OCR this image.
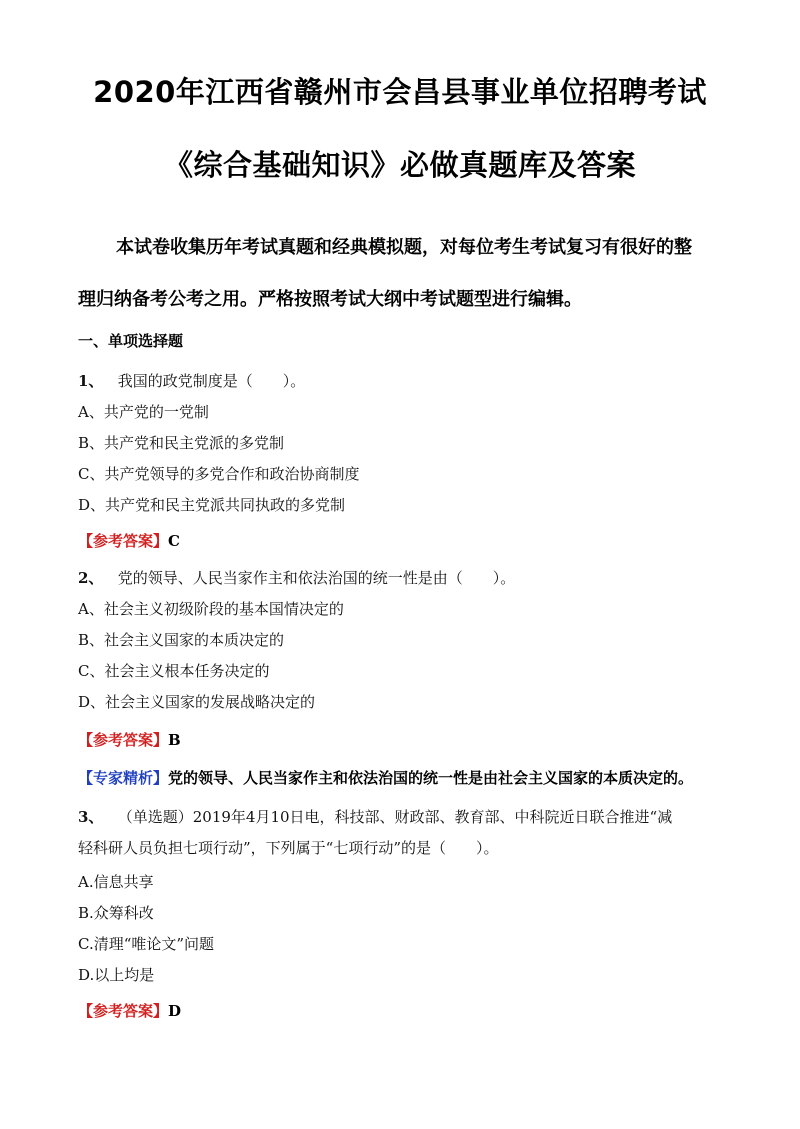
2020年江西省赣州市会昌县事业单位招聘考试
《综合基础知识》必做真题库及答案
本试卷收集历年考试真题和经典模拟题，对每位考生考试复习有很好的整
理归纳备考公考之用。严格按照考试大纲中考试题型进行编辑。
一、单项选择题
1、 我国的政党制度是（　　）。
A、共产党的一党制
B、共产党和民主党派的多党制
C、共产党领导的多党合作和政治协商制度
D、共产党和民主党派共同执政的多党制
【参考答案】C
2、 党的领导、人民当家作主和依法治国的统一性是由（　　）。
A、社会主义初级阶段的基本国情决定的
B、社会主义国家的本质决定的
C、社会主义根本任务决定的
D、社会主义国家的发展战略决定的
【参考答案】B
【专家精析】党的领导、人民当家作主和依法治国的统一性是由社会主义国家的本质决定的。
3、 （单选题）2019年4月10日电，科技部、财政部、教育部、中科院近日联合推进“减
轻科研人员负担七项行动”，下列属于“七项行动”的是（　　）。
A.信息共享
B.众筹科改
C.清理“唯论文”问题
D.以上均是
【参考答案】D
